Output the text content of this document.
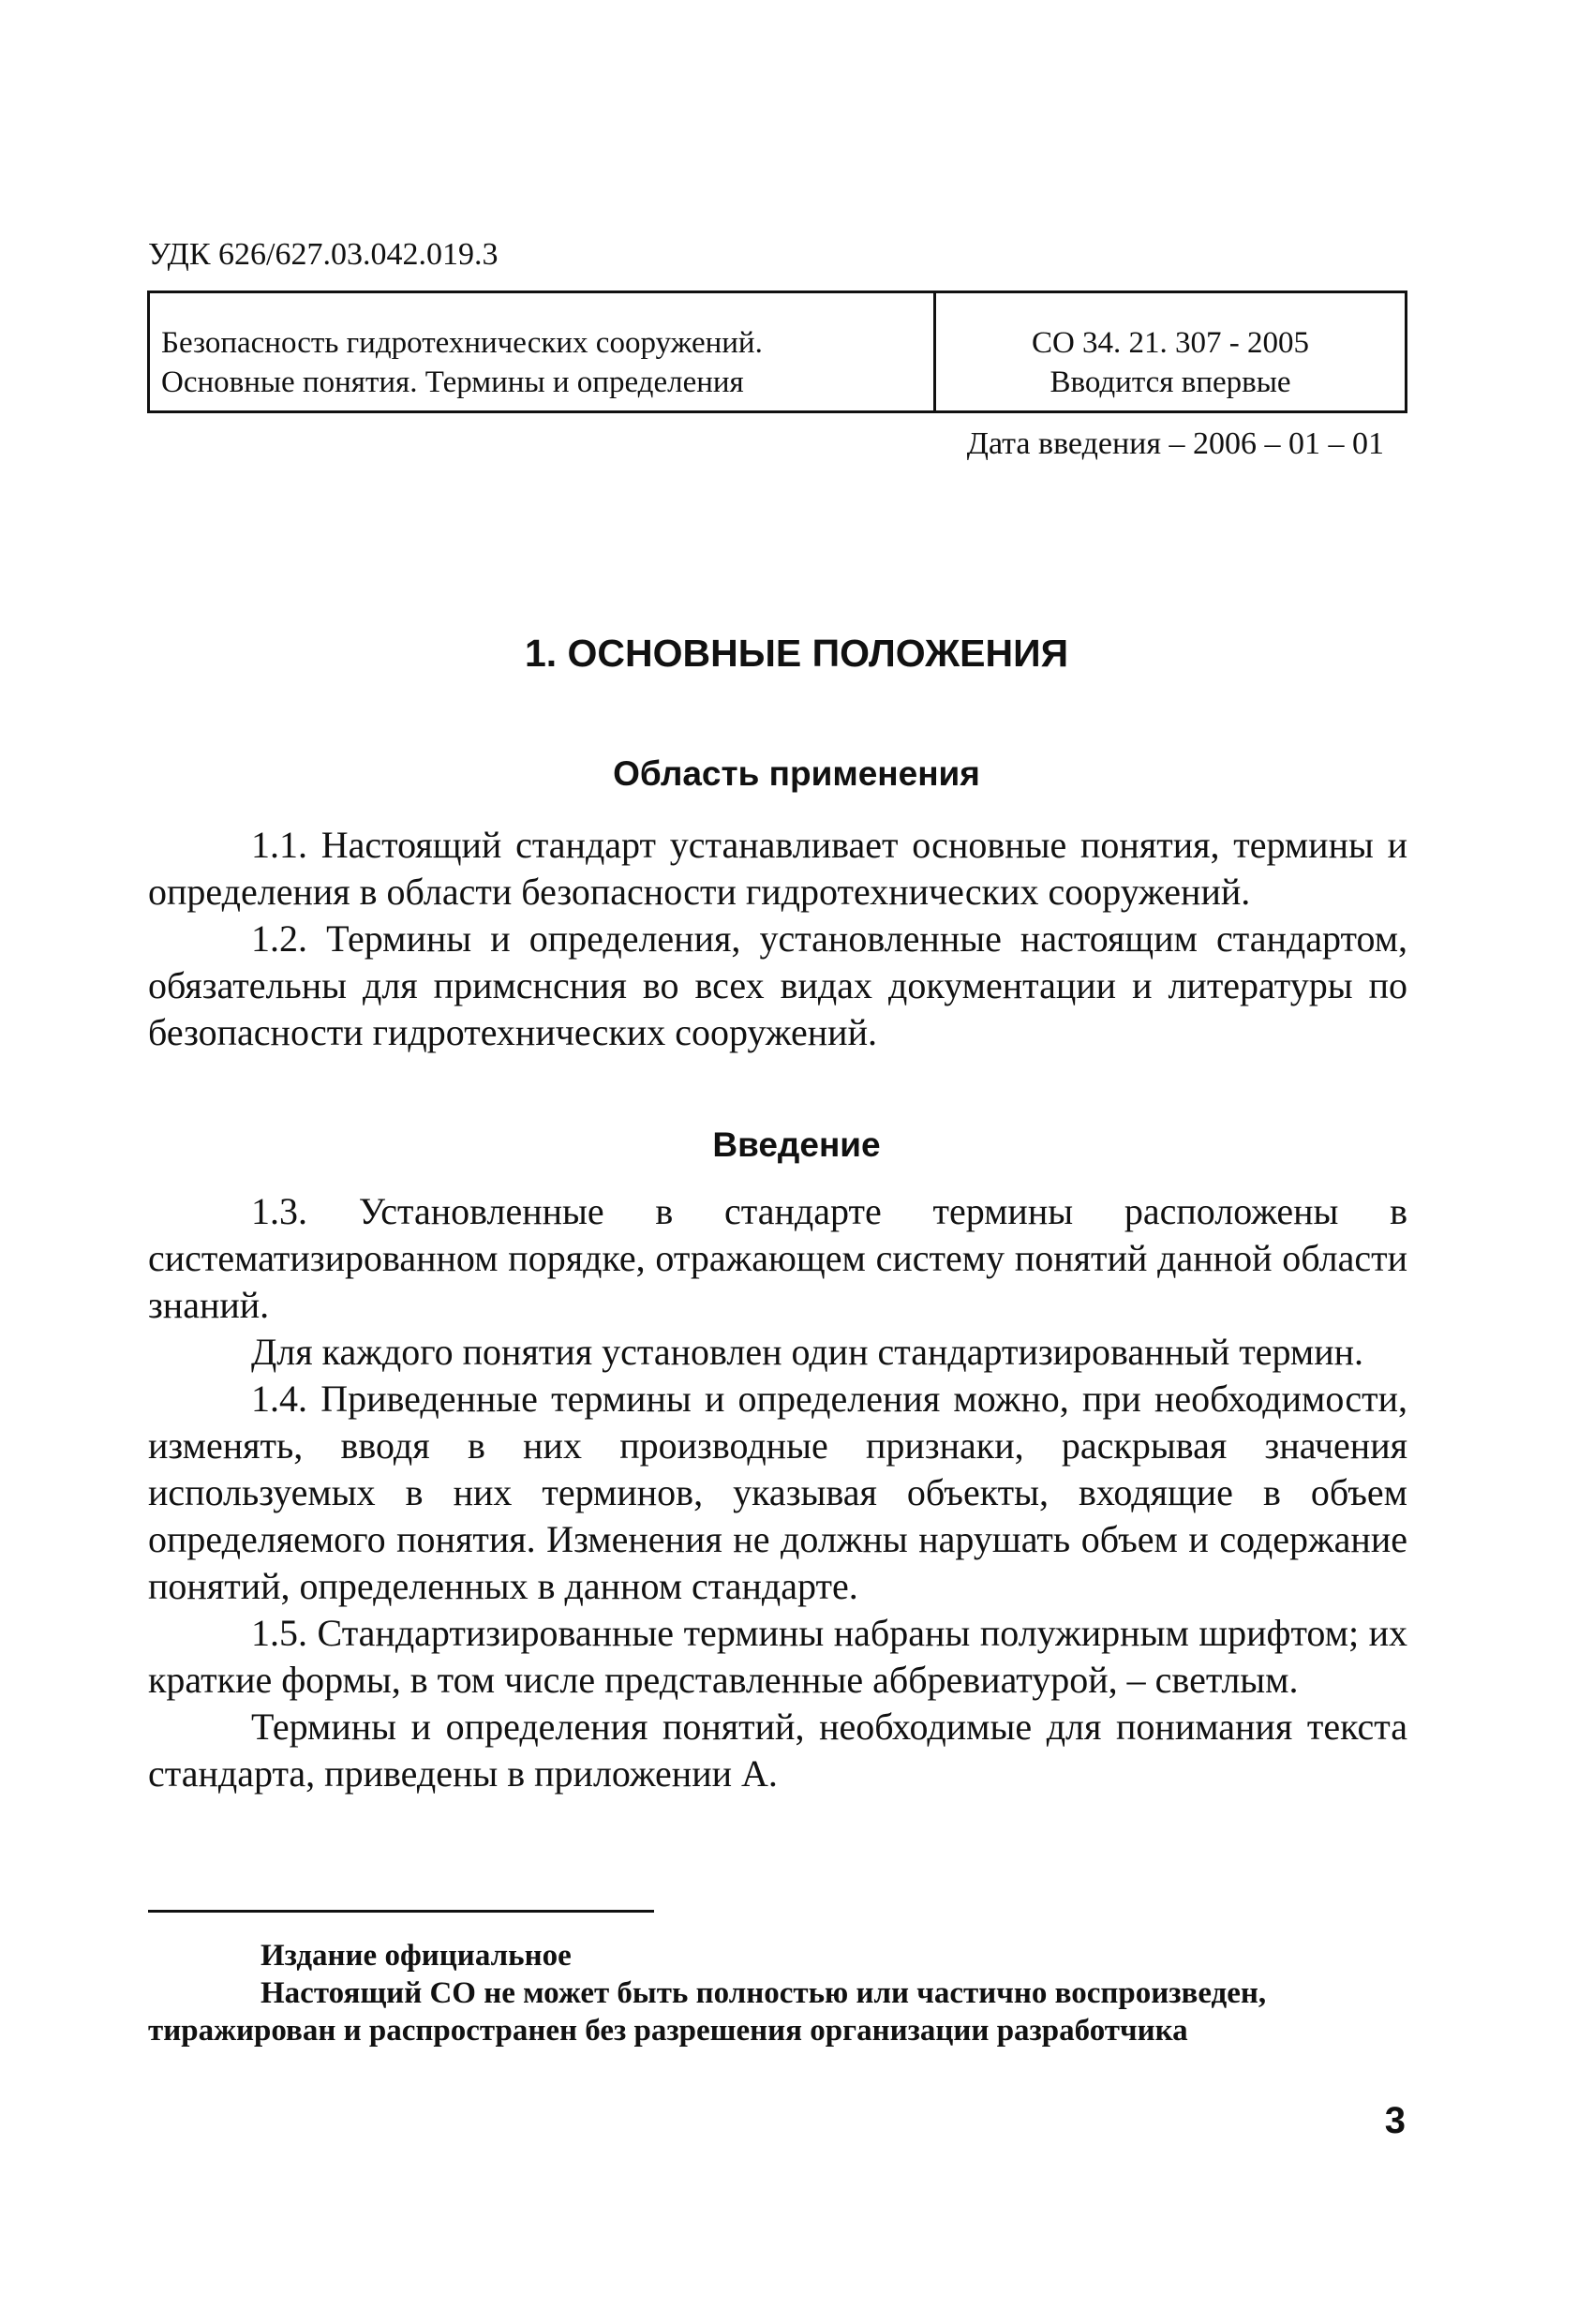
УДК 626/627.03.042.019.3
Безопасность гидротехнических сооружений.
Основные понятия. Термины и определения
СО 34. 21. 307 - 2005
Вводится впервые
Дата введения – 2006 – 01 – 01
1. ОСНОВНЫЕ ПОЛОЖЕНИЯ
Область применения

1.1. Настоящий стандарт устанавливает основные понятия, термины и определения в области безопасности гидротехнических сооружений.

1.2. Термины и определения, установленные настоящим стандартом, обязательны для примснсния во всех видах документации и литературы по безопасности гидротехнических сооружений.

Введение

1.3. Установленные в стандарте термины расположены в систематизированном порядке, отражающем систему понятий данной области знаний.

Для каждого понятия установлен один стандартизированный термин.

1.4. Приведенные термины и определения можно, при необходимости, изменять, вводя в них производные признаки, раскрывая значения используемых в них терминов, указывая объекты, входящие в объем определяемого понятия. Изменения не должны нарушать объем и содержание понятий, определенных в данном стандарте.

1.5. Стандартизированные термины набраны полужирным шрифтом; их краткие формы, в том числе представленные аббревиатурой, – светлым.

Термины и определения понятий, необходимые для понимания текста стандарта, приведены в приложении А.

Издание официальное
Настоящий СО не может быть полностью или частично воспроизведен,
тиражирован и распространен без разрешения организации разработчика
3
